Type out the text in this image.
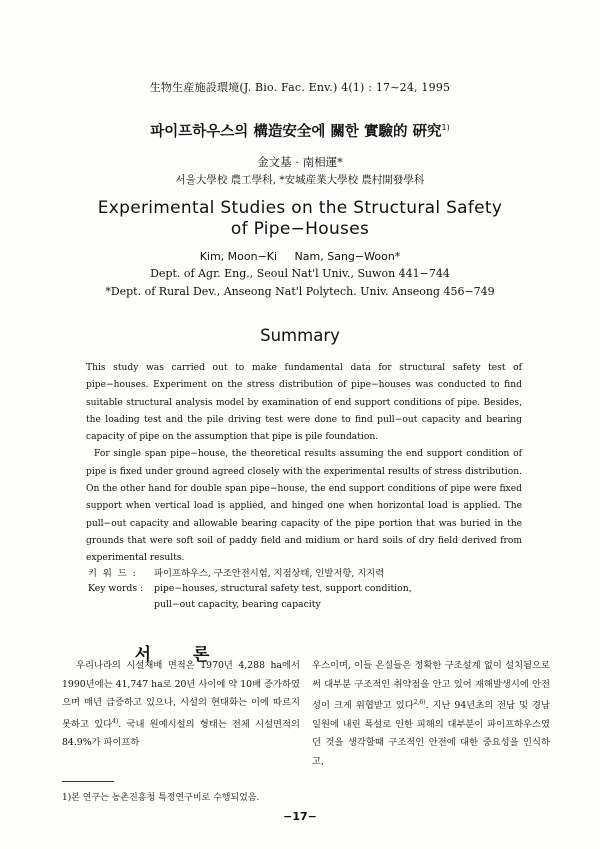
生物生産施設環境(J. Bio. Fac. Env.) 4(1) : 17∼24, 1995
파이프하우스의 構造安全에 關한 實驗的 硏究$^{1)}$
金文基 · 南相運*
서울大學校 農工學科, *安城産業大學校 農村開發學科
Experimental Studies on the Structural Safety
of Pipe−Houses
Kim, Moon−Ki     Nam, Sang−Woon*
Dept. of Agr. Eng., Seoul Nat'l Univ., Suwon 441−744
*Dept. of Rural Dev., Anseong Nat'l Polytech. Univ. Anseong 456−749
Summary

This study was carried out to make fundamental data for structural safety test of pipe−houses. Experiment on the stress distribution of pipe−houses was conducted to find suitable structural analysis model by examination of end support conditions of pipe. Besides, the loading test and the pile driving test were done to find pull−out capacity and bearing capacity of pipe on the assumption that pipe is pile foundation.

For single span pipe−house, the theoretical results assuming the end support condition of pipe is fixed under ground agreed closely with the experimental results of stress distribution. On the other hand for double span pipe−house, the end support conditions of pipe were fixed support when vertical load is applied, and hinged one when horizontal load is applied. The pull−out capacity and allowable bearing capacity of the pipe portion that was buried in the grounds that were soft soil of paddy field and midium or hard soils of dry field derived from experimental results.

키  워  드  : 파이프하우스, 구조안전시험, 지점상태, 인발저항, 지지력
Key words : pipe−houses, structural safety test, support condition,
pull−out capacity, bearing capacity
서 론

우리나라의 시설재배 면적은 1970년 4,288 ha에서 1990년에는 41,747 ha로 20년 사이에 약 10배 증가하였으며 매년 급증하고 있으나, 시설의 현대화는 이에 따르지 못하고 있다$^{4)}$. 국내 원예시설의 형태는 전체 시설면적의 84.9%가 파이프하

우스이며, 이들 온실들은 정확한 구조설계 없이 설치됨으로써 대부분 구조적인 취약점을 안고 있어 재해발생시에 안전성이 크게 위협받고 있다$^{2,6)}$. 지난 94년초의 전남 및 경남 일원에 내린 폭설로 인한 피해의 대부분이 파이프하우스였던 것을 생각할때 구조적인 안전에 대한 중요성을 인식하고,

1)본 연구는 농촌진흥청 특정연구비로 수행되었음.
−17−
